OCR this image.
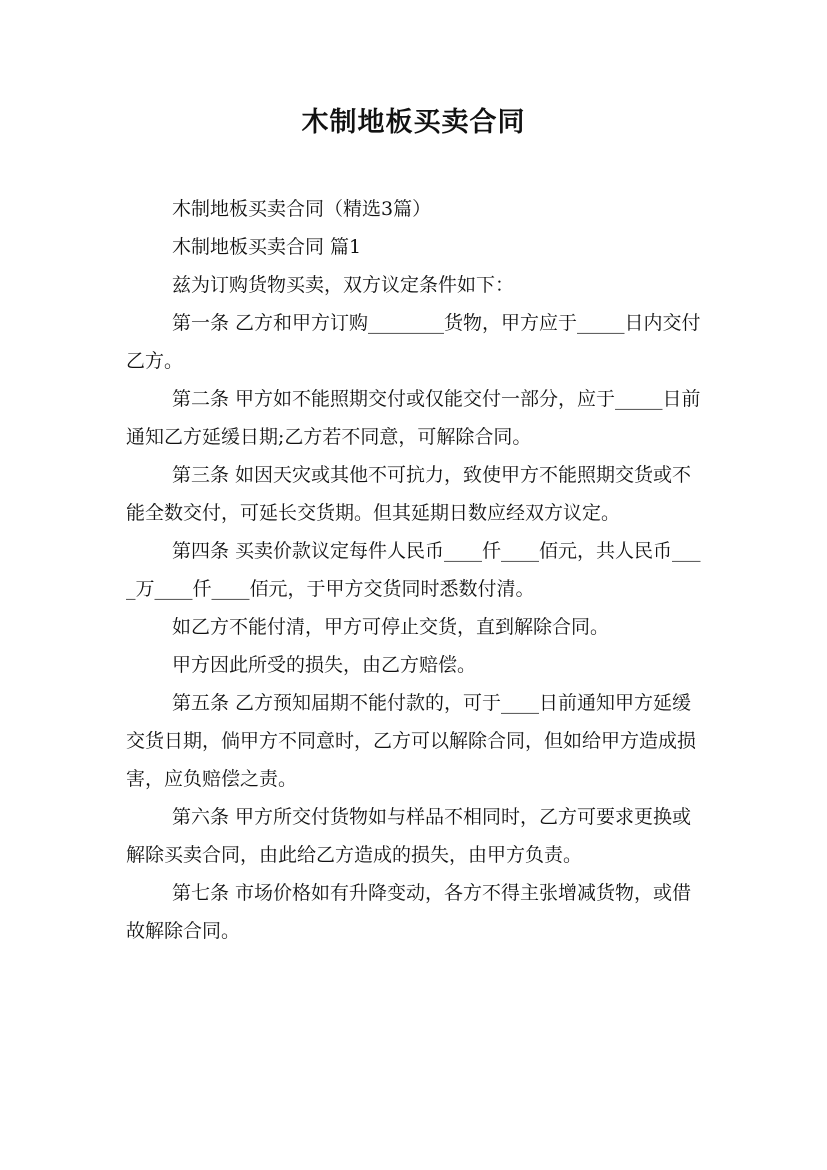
木制地板买卖合同

木制地板买卖合同（精选3篇）

木制地板买卖合同 篇1

兹为订购货物买卖，双方议定条件如下：

第一条 乙方和甲方订购________货物，甲方应于_____日内交付乙方。

第二条 甲方如不能照期交付或仅能交付一部分，应于_____日前通知乙方延缓日期;乙方若不同意，可解除合同。

第三条 如因天灾或其他不可抗力，致使甲方不能照期交货或不能全数交付，可延长交货期。但其延期日数应经双方议定。

第四条 买卖价款议定每件人民币____仟____佰元，共人民币____万____仟____佰元，于甲方交货同时悉数付清。

如乙方不能付清，甲方可停止交货，直到解除合同。

甲方因此所受的损失，由乙方赔偿。

第五条 乙方预知届期不能付款的，可于____日前通知甲方延缓交货日期，倘甲方不同意时，乙方可以解除合同，但如给甲方造成损害，应负赔偿之责。

第六条 甲方所交付货物如与样品不相同时，乙方可要求更换或解除买卖合同，由此给乙方造成的损失，由甲方负责。

第七条 市场价格如有升降变动，各方不得主张增减货物，或借故解除合同。
